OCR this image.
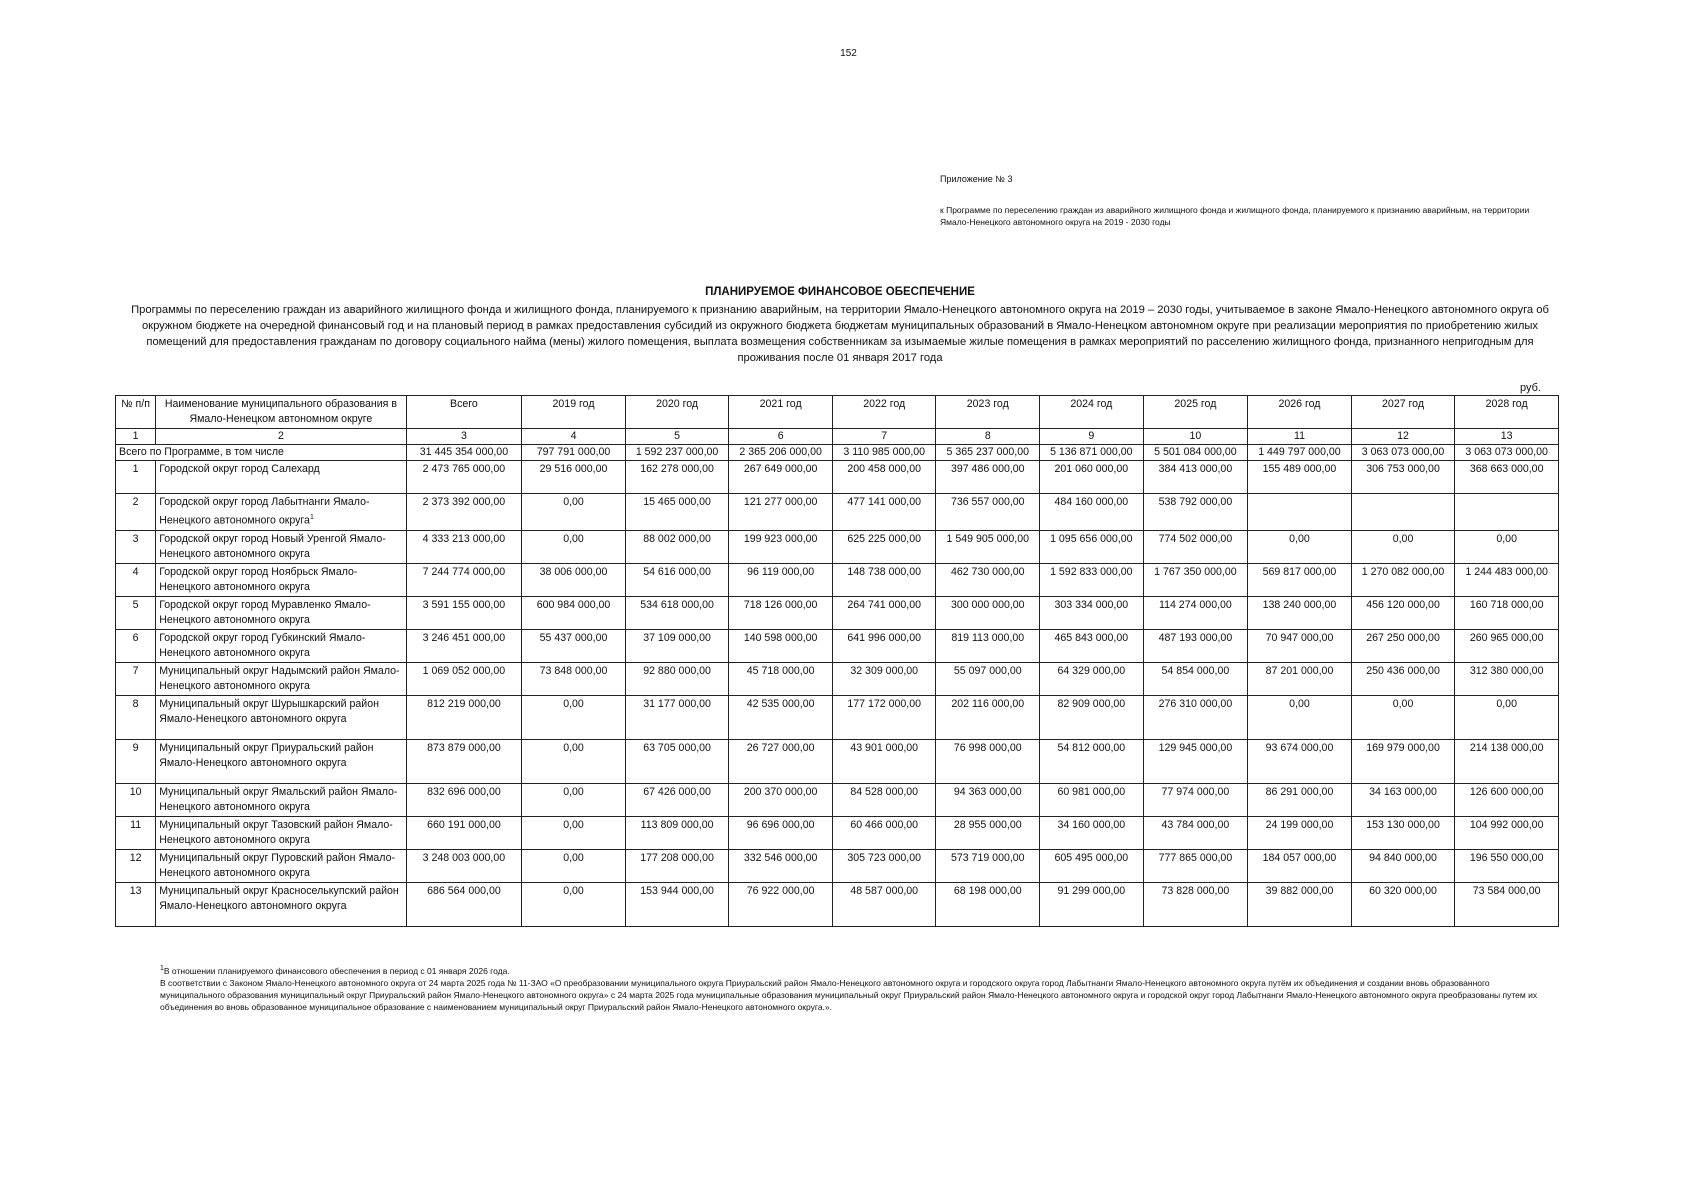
152
Приложение № 3
к Программе по переселению граждан из аварийного жилищного фонда и жилищного фонда, планируемого к признанию аварийным, на территории Ямало-Ненецкого автономного округа на 2019 - 2030 годы
ПЛАНИРУЕМОЕ ФИНАНСОВОЕ ОБЕСПЕЧЕНИЕ
Программы по переселению граждан из аварийного жилищного фонда и жилищного фонда, планируемого к признанию аварийным, на территории Ямало-Ненецкого автономного округа на 2019 – 2030 годы, учитываемое в законе Ямало-Ненецкого автономного округа об окружном бюджете на очередной финансовый год и на плановый период в рамках предоставления субсидий из окружного бюджета бюджетам муниципальных образований в Ямало-Ненецком автономном округе при реализации мероприятия по приобретению жилых помещений для предоставления гражданам по договору социального найма (мены) жилого помещения, выплата возмещения собственникам за изымаемые жилые помещения в рамках мероприятий по расселению жилищного фонда, признанного непригодным для проживания после 01 января 2017 года
руб.
№ п/п	Наименование муниципального образования в Ямало-Ненецком автономном округе	Всего	2019 год	2020 год	2021 год	2022 год	2023 год	2024 год	2025 год	2026 год	2027 год	2028 год
1	2	3	4	5	6	7	8	9	10	11	12	13
Всего по Программе, в том числе		31 445 354 000,00	797 791 000,00	1 592 237 000,00	2 365 206 000,00	3 110 985 000,00	5 365 237 000,00	5 136 871 000,00	5 501 084 000,00	1 449 797 000,00	3 063 073 000,00	3 063 073 000,00
1	Городской округ город Салехард	2 473 765 000,00	29 516 000,00	162 278 000,00	267 649 000,00	200 458 000,00	397 486 000,00	201 060 000,00	384 413 000,00	155 489 000,00	306 753 000,00	368 663 000,00
2	Городской округ город Лабытнанги Ямало-Ненецкого автономного округа$^1$	2 373 392 000,00	0,00	15 465 000,00	121 277 000,00	477 141 000,00	736 557 000,00	484 160 000,00	538 792 000,00			
3	Городской округ город Новый Уренгой Ямало-Ненецкого автономного округа	4 333 213 000,00	0,00	88 002 000,00	199 923 000,00	625 225 000,00	1 549 905 000,00	1 095 656 000,00	774 502 000,00	0,00	0,00	0,00
4	Городской округ город Ноябрьск Ямало-Ненецкого автономного округа	7 244 774 000,00	38 006 000,00	54 616 000,00	96 119 000,00	148 738 000,00	462 730 000,00	1 592 833 000,00	1 767 350 000,00	569 817 000,00	1 270 082 000,00	1 244 483 000,00
5	Городской округ город Муравленко Ямало-Ненецкого автономного округа	3 591 155 000,00	600 984 000,00	534 618 000,00	718 126 000,00	264 741 000,00	300 000 000,00	303 334 000,00	114 274 000,00	138 240 000,00	456 120 000,00	160 718 000,00
6	Городской округ город Губкинский Ямало-Ненецкого автономного округа	3 246 451 000,00	55 437 000,00	37 109 000,00	140 598 000,00	641 996 000,00	819 113 000,00	465 843 000,00	487 193 000,00	70 947 000,00	267 250 000,00	260 965 000,00
7	Муниципальный округ Надымский район Ямало-Ненецкого автономного округа	1 069 052 000,00	73 848 000,00	92 880 000,00	45 718 000,00	32 309 000,00	55 097 000,00	64 329 000,00	54 854 000,00	87 201 000,00	250 436 000,00	312 380 000,00
8	Муниципальный округ Шурышкарский район Ямало-Ненецкого автономного округа	812 219 000,00	0,00	31 177 000,00	42 535 000,00	177 172 000,00	202 116 000,00	82 909 000,00	276 310 000,00	0,00	0,00	0,00
9	Муниципальный округ Приуральский район Ямало-Ненецкого автономного округа	873 879 000,00	0,00	63 705 000,00	26 727 000,00	43 901 000,00	76 998 000,00	54 812 000,00	129 945 000,00	93 674 000,00	169 979 000,00	214 138 000,00
10	Муниципальный округ Ямальский район Ямало-Ненецкого автономного округа	832 696 000,00	0,00	67 426 000,00	200 370 000,00	84 528 000,00	94 363 000,00	60 981 000,00	77 974 000,00	86 291 000,00	34 163 000,00	126 600 000,00
11	Муниципальный округ Тазовский район Ямало-Ненецкого автономного округа	660 191 000,00	0,00	113 809 000,00	96 696 000,00	60 466 000,00	28 955 000,00	34 160 000,00	43 784 000,00	24 199 000,00	153 130 000,00	104 992 000,00
12	Муниципальный округ Пуровский район Ямало-Ненецкого автономного округа	3 248 003 000,00	0,00	177 208 000,00	332 546 000,00	305 723 000,00	573 719 000,00	605 495 000,00	777 865 000,00	184 057 000,00	94 840 000,00	196 550 000,00
13	Муниципальный округ Красноселькупский район Ямало-Ненецкого автономного округа	686 564 000,00	0,00	153 944 000,00	76 922 000,00	48 587 000,00	68 198 000,00	91 299 000,00	73 828 000,00	39 882 000,00	60 320 000,00	73 584 000,00
$^1$В отношении планируемого финансового обеспечения в период с 01 января 2026 года.
В соответствии с Законом Ямало-Ненецкого автономного округа от 24 марта 2025 года № 11-ЗАО «О преобразовании муниципального округа Приуральский район Ямало-Ненецкого автономного округа и городского округа город Лабытнанги Ямало-Ненецкого автономного округа путём их объединения и создании вновь образованного муниципального образования муниципальный округ Приуральский район Ямало-Ненецкого автономного округа» с 24 марта 2025 года муниципальные образования муниципальный округ Приуральский район Ямало-Ненецкого автономного округа и городской округ город Лабытнанги Ямало-Ненецкого автономного округа преобразованы путем их объединения во вновь образованное муниципальное образование с наименованием муниципальный округ Приуральский район Ямало-Ненецкого автономного округа.».
